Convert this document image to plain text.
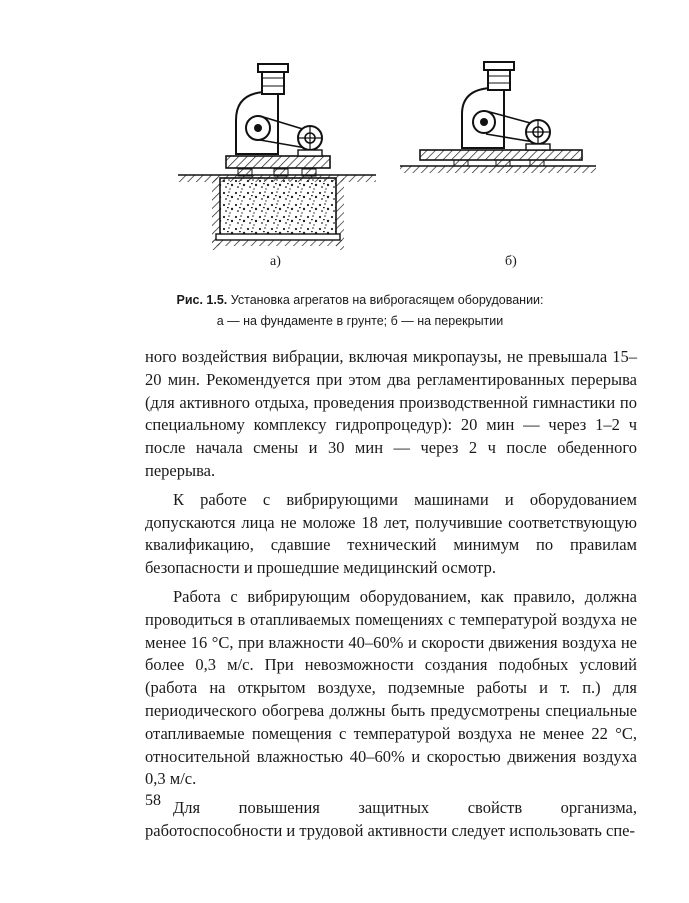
а)	б)
Рис. 1.5. Установка агрегатов на виброгасящем оборудовании:
а — на фундаменте в грунте; б — на перекрытии

ного воздействия вибрации, включая микропаузы, не превышала 15–20 мин. Рекомендуется при этом два регламентированных перерыва (для активного отдыха, проведения производственной гимнастики по специальному комплексу гидропроцедур): 20 мин — через 1–2 ч после начала смены и 30 мин — через 2 ч после обеденного перерыва.

К работе с вибрирующими машинами и оборудованием допускаются лица не моложе 18 лет, получившие соответствующую квалификацию, сдавшие технический минимум по правилам безопасности и прошедшие медицинский осмотр.

Работа с вибрирующим оборудованием, как правило, должна проводиться в отапливаемых помещениях с температурой воздуха не менее 16 °С, при влажности 40–60% и скорости движения воздуха не более 0,3 м/с. При невозможности создания подобных условий (работа на открытом воздухе, подземные работы и т. п.) для периодического обогрева должны быть предусмотрены специальные отапливаемые помещения с температурой воздуха не менее 22 °С, относительной влажностью 40–60% и скоростью движения воздуха 0,3 м/с.

Для повышения защитных свойств организма, работоспособности и трудовой активности следует использовать спе-

58
